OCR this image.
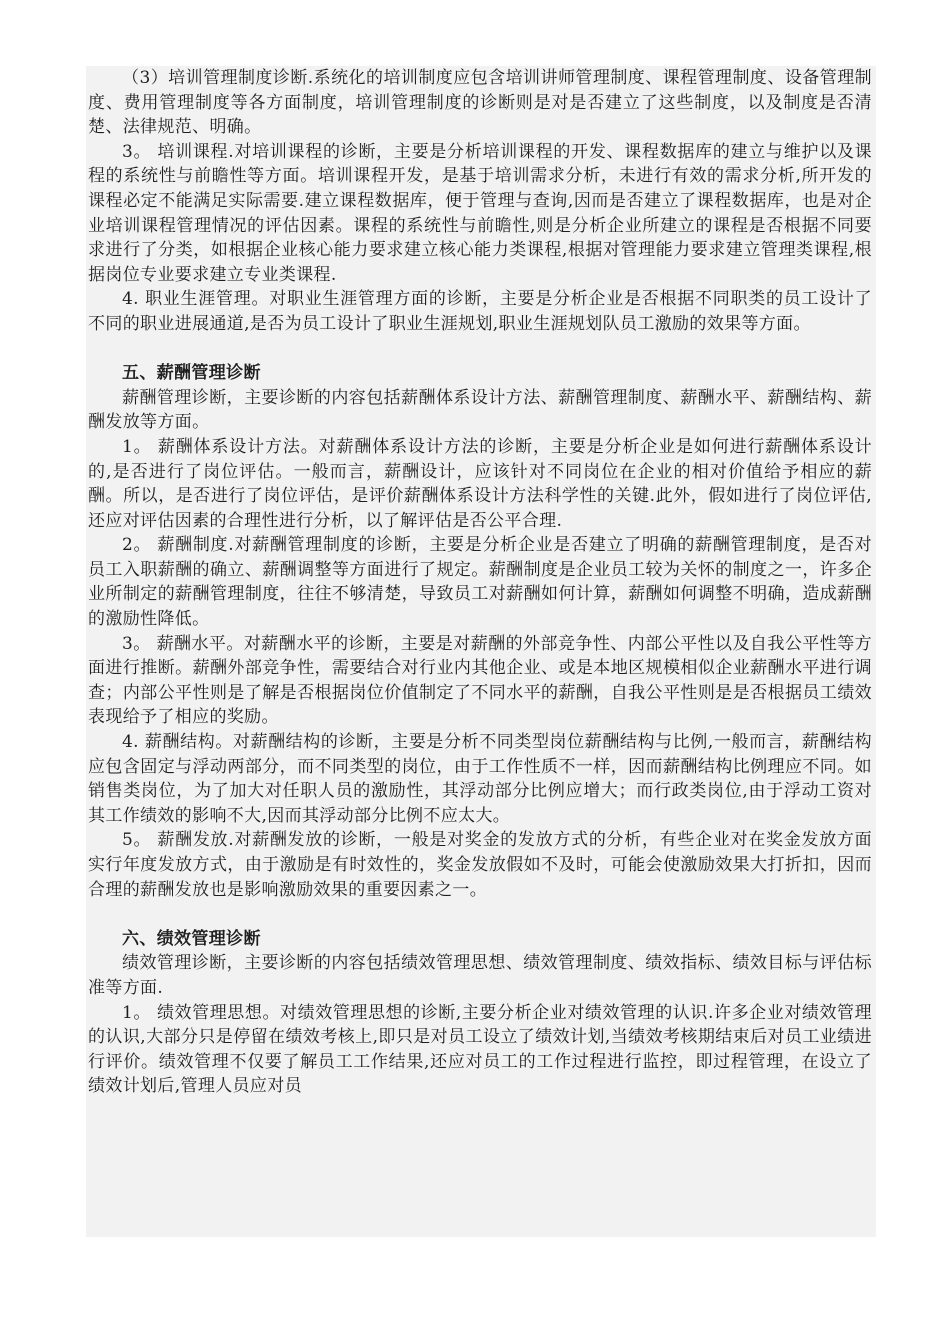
（3）培训管理制度诊断.系统化的培训制度应包含培训讲师管理制度、课程管理制度、设备管理制度、费用管理制度等各方面制度，培训管理制度的诊断则是对是否建立了这些制度，以及制度是否清楚、法律规范、明确。

3。 培训课程.对培训课程的诊断，主要是分析培训课程的开发、课程数据库的建立与维护以及课程的系统性与前瞻性等方面。培训课程开发，是基于培训需求分析，未进行有效的需求分析,所开发的课程必定不能满足实际需要.建立课程数据库，便于管理与查询,因而是否建立了课程数据库，也是对企业培训课程管理情况的评估因素。课程的系统性与前瞻性,则是分析企业所建立的课程是否根据不同要求进行了分类，如根据企业核心能力要求建立核心能力类课程,根据对管理能力要求建立管理类课程,根据岗位专业要求建立专业类课程.

4. 职业生涯管理。对职业生涯管理方面的诊断，主要是分析企业是否根据不同职类的员工设计了不同的职业进展通道,是否为员工设计了职业生涯规划,职业生涯规划队员工激励的效果等方面。

五、薪酬管理诊断

薪酬管理诊断，主要诊断的内容包括薪酬体系设计方法、薪酬管理制度、薪酬水平、薪酬结构、薪酬发放等方面。

1。 薪酬体系设计方法。对薪酬体系设计方法的诊断，主要是分析企业是如何进行薪酬体系设计的,是否进行了岗位评估。一般而言，薪酬设计，应该针对不同岗位在企业的相对价值给予相应的薪酬。所以，是否进行了岗位评估，是评价薪酬体系设计方法科学性的关键.此外，假如进行了岗位评估,还应对评估因素的合理性进行分析，以了解评估是否公平合理.

2。 薪酬制度.对薪酬管理制度的诊断，主要是分析企业是否建立了明确的薪酬管理制度，是否对员工入职薪酬的确立、薪酬调整等方面进行了规定。薪酬制度是企业员工较为关怀的制度之一，许多企业所制定的薪酬管理制度，往往不够清楚，导致员工对薪酬如何计算，薪酬如何调整不明确，造成薪酬的激励性降低。

3。 薪酬水平。对薪酬水平的诊断，主要是对薪酬的外部竞争性、内部公平性以及自我公平性等方面进行推断。薪酬外部竞争性，需要结合对行业内其他企业、或是本地区规模相似企业薪酬水平进行调查；内部公平性则是了解是否根据岗位价值制定了不同水平的薪酬，自我公平性则是是否根据员工绩效表现给予了相应的奖励。

4. 薪酬结构。对薪酬结构的诊断，主要是分析不同类型岗位薪酬结构与比例,一般而言，薪酬结构应包含固定与浮动两部分，而不同类型的岗位，由于工作性质不一样，因而薪酬结构比例理应不同。如销售类岗位，为了加大对任职人员的激励性，其浮动部分比例应增大；而行政类岗位,由于浮动工资对其工作绩效的影响不大,因而其浮动部分比例不应太大。

5。 薪酬发放.对薪酬发放的诊断，一般是对奖金的发放方式的分析，有些企业对在奖金发放方面实行年度发放方式，由于激励是有时效性的，奖金发放假如不及时，可能会使激励效果大打折扣，因而合理的薪酬发放也是影响激励效果的重要因素之一。

六、绩效管理诊断

绩效管理诊断，主要诊断的内容包括绩效管理思想、绩效管理制度、绩效指标、绩效目标与评估标准等方面.

1。 绩效管理思想。对绩效管理思想的诊断,主要分析企业对绩效管理的认识.许多企业对绩效管理的认识,大部分只是停留在绩效考核上,即只是对员工设立了绩效计划,当绩效考核期结束后对员工业绩进行评价。绩效管理不仅要了解员工工作结果,还应对员工的工作过程进行监控，即过程管理，在设立了绩效计划后,管理人员应对员
